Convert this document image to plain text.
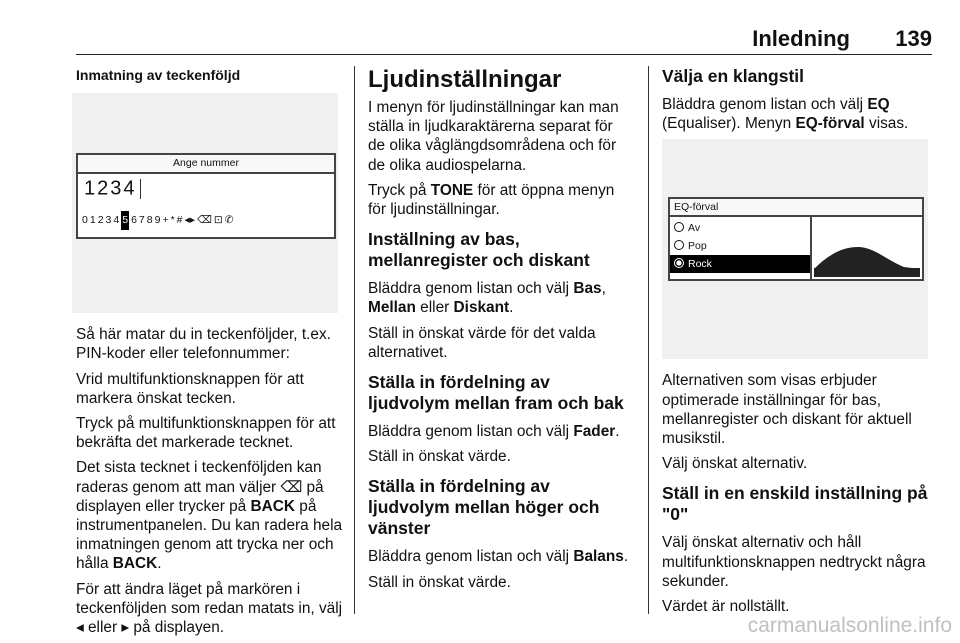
Inledning 139
Inmatning av teckenföljd
Ange nummer
1234
0 1 2 3 4 5 6 7 8 9 + * # ◂▸ ⌫ ⊡ ✆

Så här matar du in teckenföljder, t.ex. PIN-koder eller telefonnummer:

Vrid multifunktionsknappen för att markera önskat tecken.

Tryck på multifunktionsknappen för att bekräfta det markerade tecknet.

Det sista tecknet i teckenföljden kan raderas genom att man väljer ⌫ på displayen eller trycker på BACK på instrumentpanelen. Du kan radera hela inmatningen genom att trycka ner och hålla BACK.

För att ändra läget på markören i teckenföljden som redan matats in, välj ◂ eller ▸ på displayen.

Ljudinställningar

I menyn för ljudinställningar kan man ställa in ljudkaraktärerna separat för de olika våglängdsområdena och för de olika audiospelarna.

Tryck på TONE för att öppna menyn för ljudinställningar.

Inställning av bas, mellanregister och diskant

Bläddra genom listan och välj Bas, Mellan eller Diskant.

Ställ in önskat värde för det valda alternativet.

Ställa in fördelning av ljudvolym mellan fram och bak

Bläddra genom listan och välj Fader.

Ställ in önskat värde.

Ställa in fördelning av ljudvolym mellan höger och vänster

Bläddra genom listan och välj Balans.

Ställ in önskat värde.

Välja en klangstil

Bläddra genom listan och välj EQ (Equaliser). Menyn EQ-förval visas.

EQ-förval
Av
Pop
Rock

Alternativen som visas erbjuder optimerade inställningar för bas, mellanregister och diskant för aktuell musikstil.

Välj önskat alternativ.

Ställ in en enskild inställning på "0"

Välj önskat alternativ och håll multifunktionsknappen nedtryckt några sekunder.

Värdet är nollställt.

carmanualsonline.info
